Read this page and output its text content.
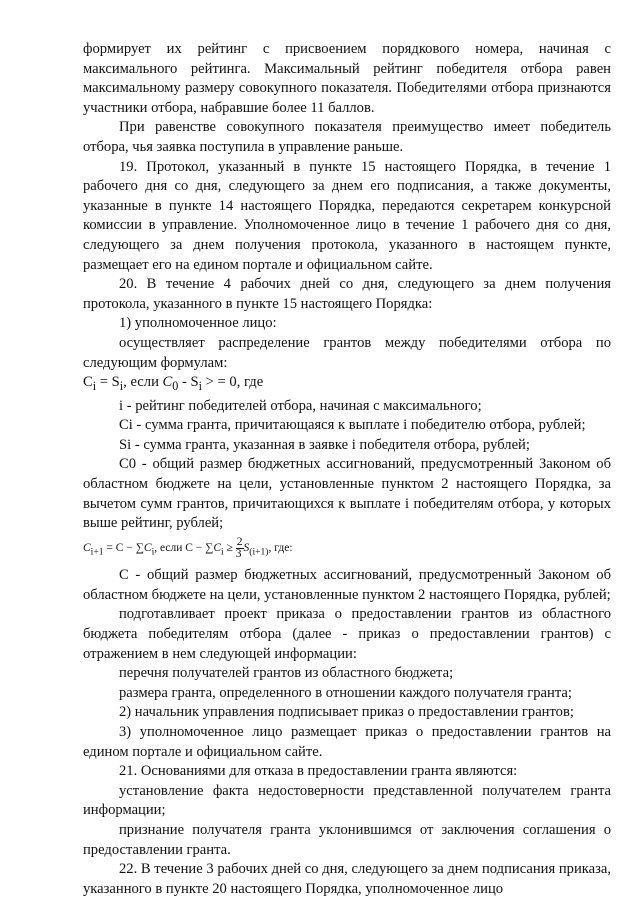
формирует их рейтинг с присвоением порядкового номера, начиная с максимального рейтинга. Максимальный рейтинг победителя отбора равен максимальному размеру совокупного показателя. Победителями отбора признаются участники отбора, набравшие более 11 баллов.

При равенстве совокупного показателя преимущество имеет победитель отбора, чья заявка поступила в управление раньше.

19. Протокол, указанный в пункте 15 настоящего Порядка, в течение 1 рабочего дня со дня, следующего за днем его подписания, а также документы, указанные в пункте 14 настоящего Порядка, передаются секретарем конкурсной комиссии в управление. Уполномоченное лицо в течение 1 рабочего дня со дня, следующего за днем получения протокола, указанного в настоящем пункте, размещает его на едином портале и официальном сайте.

20. В течение 4 рабочих дней со дня, следующего за днем получения протокола, указанного в пункте 15 настоящего Порядка:

1) уполномоченное лицо:

осуществляет распределение грантов между победителями отбора по следующим формулам:

$C_i = S_i$, если $C_0 - S_i$ > = 0, где

i - рейтинг победителей отбора, начиная с максимального;

Ci - сумма гранта, причитающаяся к выплате i победителю отбора, рублей;

Si - сумма гранта, указанная в заявке i победителя отбора, рублей;

C0 - общий размер бюджетных ассигнований, предусмотренный Законом об областном бюджете на цели, установленные пунктом 2 настоящего Порядка, за вычетом сумм грантов, причитающихся к выплате i победителям отбора, у которых выше рейтинг, рублей;

$C_{i+1} = C - \sum C_i$, если $C - \sum C_i \ge \frac{2}{3} S_{(i+1)}$, где:

C - общий размер бюджетных ассигнований, предусмотренный Законом об областном бюджете на цели, установленные пунктом 2 настоящего Порядка, рублей;

подготавливает проект приказа о предоставлении грантов из областного бюджета победителям отбора (далее - приказ о предоставлении грантов) с отражением в нем следующей информации:

перечня получателей грантов из областного бюджета;

размера гранта, определенного в отношении каждого получателя гранта;

2) начальник управления подписывает приказ о предоставлении грантов;

3) уполномоченное лицо размещает приказ о предоставлении грантов на едином портале и официальном сайте.

21. Основаниями для отказа в предоставлении гранта являются:

установление факта недостоверности представленной получателем гранта информации;

признание получателя гранта уклонившимся от заключения соглашения о предоставлении гранта.

22. В течение 3 рабочих дней со дня, следующего за днем подписания приказа, указанного в пункте 20 настоящего Порядка, уполномоченное лицо
